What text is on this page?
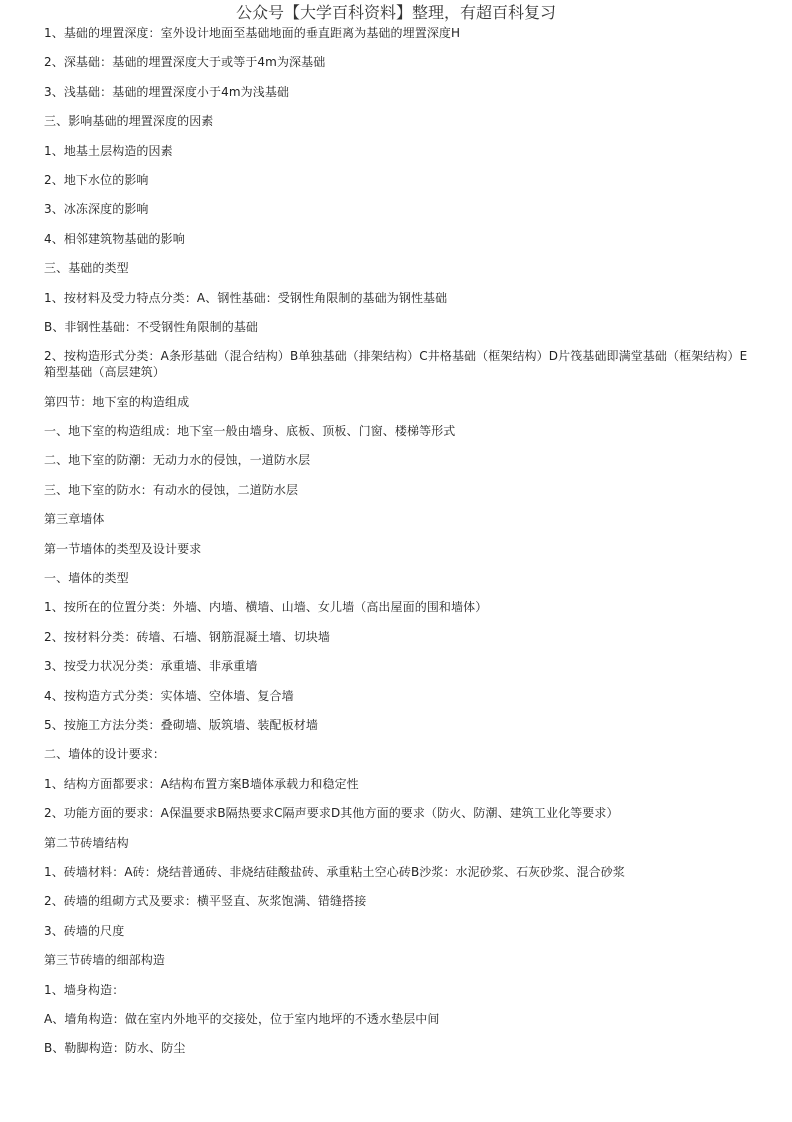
公众号【大学百科资料】整理，有超百科复习

1、基础的埋置深度：室外设计地面至基础地面的垂直距离为基础的埋置深度H

2、深基础：基础的埋置深度大于或等于4m为深基础

3、浅基础：基础的埋置深度小于4m为浅基础

三、影响基础的埋置深度的因素

1、地基土层构造的因素

2、地下水位的影响

3、冰冻深度的影响

4、相邻建筑物基础的影响

三、基础的类型

1、按材料及受力特点分类：A、钢性基础：受钢性角限制的基础为钢性基础

B、非钢性基础：不受钢性角限制的基础

2、按构造形式分类：A条形基础（混合结构）B单独基础（排架结构）C井格基础（框架结构）D片筏基础即满堂基础（框架结构）E箱型基础（高层建筑）

第四节：地下室的构造组成

一、地下室的构造组成：地下室一般由墙身、底板、顶板、门窗、楼梯等形式

二、地下室的防潮：无动力水的侵蚀，一道防水层

三、地下室的防水：有动水的侵蚀，二道防水层

第三章墙体

第一节墙体的类型及设计要求

一、墙体的类型

1、按所在的位置分类：外墙、内墙、横墙、山墙、女儿墙（高出屋面的围和墙体）

2、按材料分类：砖墙、石墙、钢筋混凝土墙、切块墙

3、按受力状况分类：承重墙、非承重墙

4、按构造方式分类：实体墙、空体墙、复合墙

5、按施工方法分类：叠砌墙、版筑墙、装配板材墙

二、墙体的设计要求：

1、结构方面都要求：A结构布置方案B墙体承载力和稳定性

2、功能方面的要求：A保温要求B隔热要求C隔声要求D其他方面的要求（防火、防潮、建筑工业化等要求）

第二节砖墙结构

1、砖墙材料：A砖：烧结普通砖、非烧结硅酸盐砖、承重粘土空心砖B沙浆：水泥砂浆、石灰砂浆、混合砂浆

2、砖墙的组砌方式及要求：横平竖直、灰浆饱满、错缝搭接

3、砖墙的尺度

第三节砖墙的细部构造

1、墙身构造：

A、墙角构造：做在室内外地平的交接处，位于室内地坪的不透水垫层中间

B、勒脚构造：防水、防尘
